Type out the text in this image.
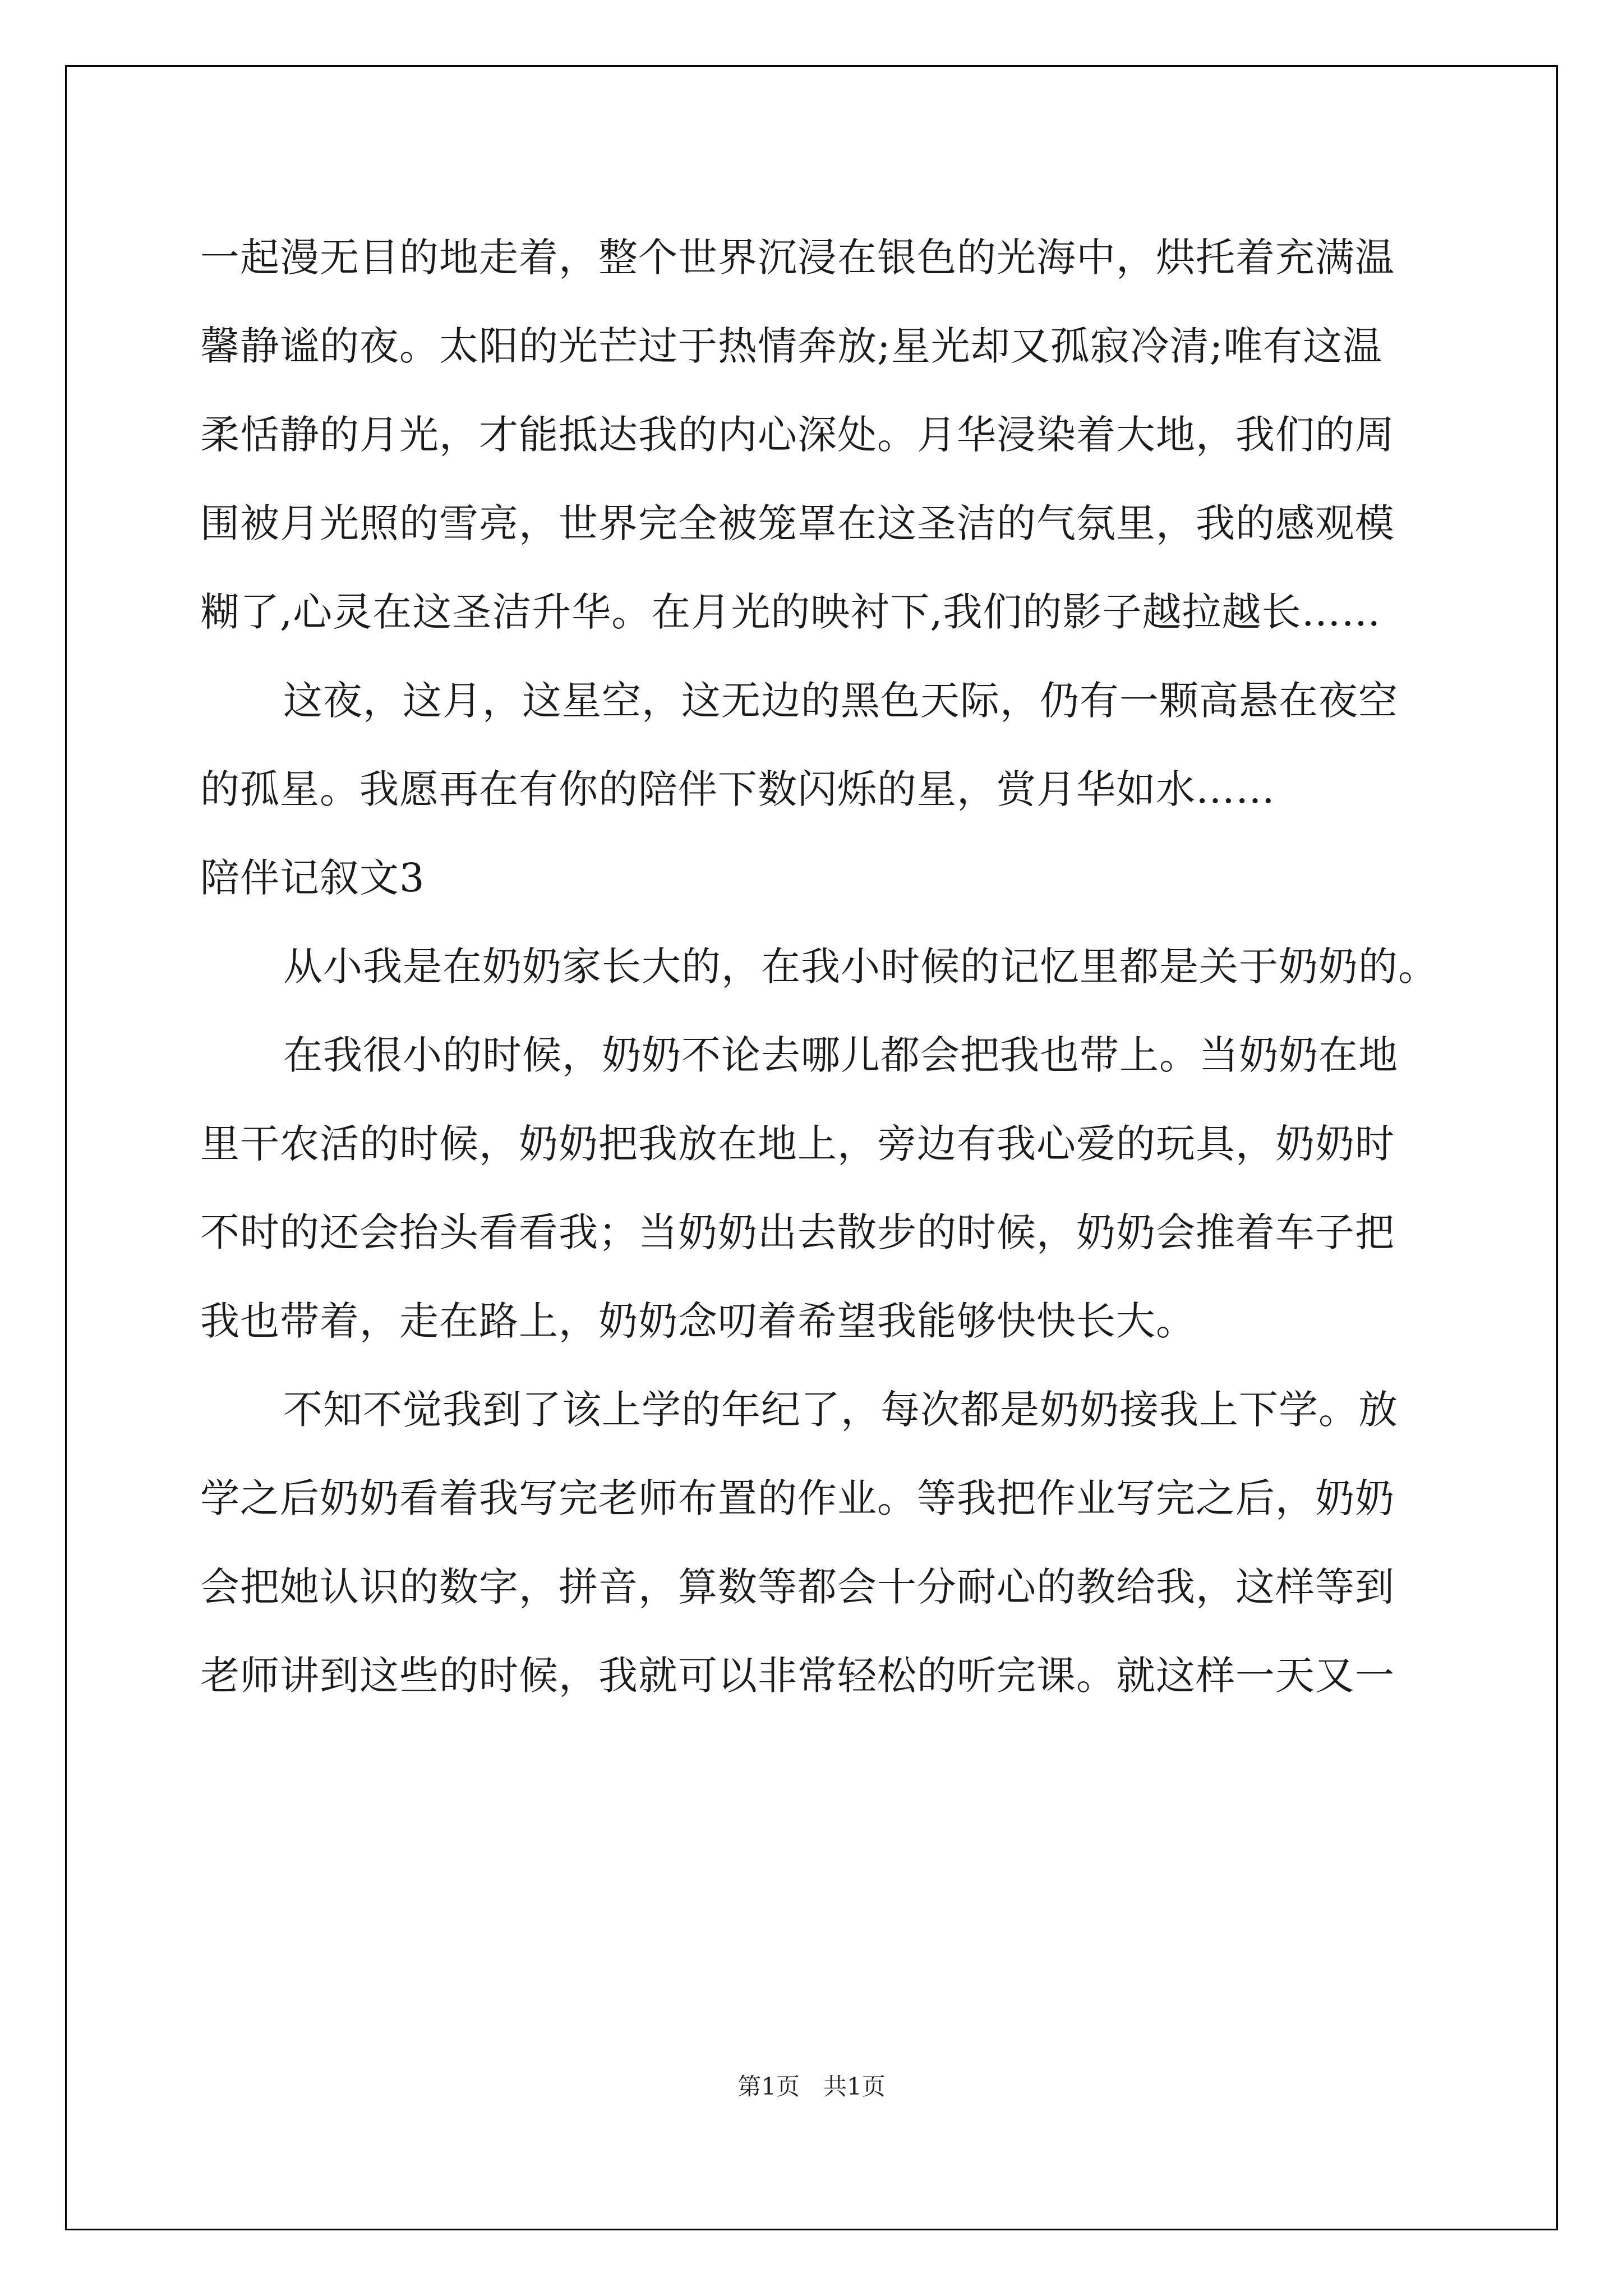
一起漫无目的地走着，整个世界沉浸在银色的光海中，烘托着充满温
馨静谧的夜。太阳的光芒过于热情奔放;星光却又孤寂冷清;唯有这温
柔恬静的月光，才能抵达我的内心深处。月华浸染着大地，我们的周
围被月光照的雪亮，世界完全被笼罩在这圣洁的气氛里，我的感观模
糊了,心灵在这圣洁升华。在月光的映衬下,我们的影子越拉越长……
这夜，这月，这星空，这无边的黑色天际，仍有一颗高悬在夜空
的孤星。我愿再在有你的陪伴下数闪烁的星，赏月华如水……
陪伴记叙文3
从小我是在奶奶家长大的，在我小时候的记忆里都是关于奶奶的。
在我很小的时候，奶奶不论去哪儿都会把我也带上。当奶奶在地
里干农活的时候，奶奶把我放在地上，旁边有我心爱的玩具，奶奶时
不时的还会抬头看看我；当奶奶出去散步的时候，奶奶会推着车子把
我也带着，走在路上，奶奶念叨着希望我能够快快长大。
不知不觉我到了该上学的年纪了，每次都是奶奶接我上下学。放
学之后奶奶看着我写完老师布置的作业。等我把作业写完之后，奶奶
会把她认识的数字，拼音，算数等都会十分耐心的教给我，这样等到
老师讲到这些的时候，我就可以非常轻松的听完课。就这样一天又一
第1页　共1页
